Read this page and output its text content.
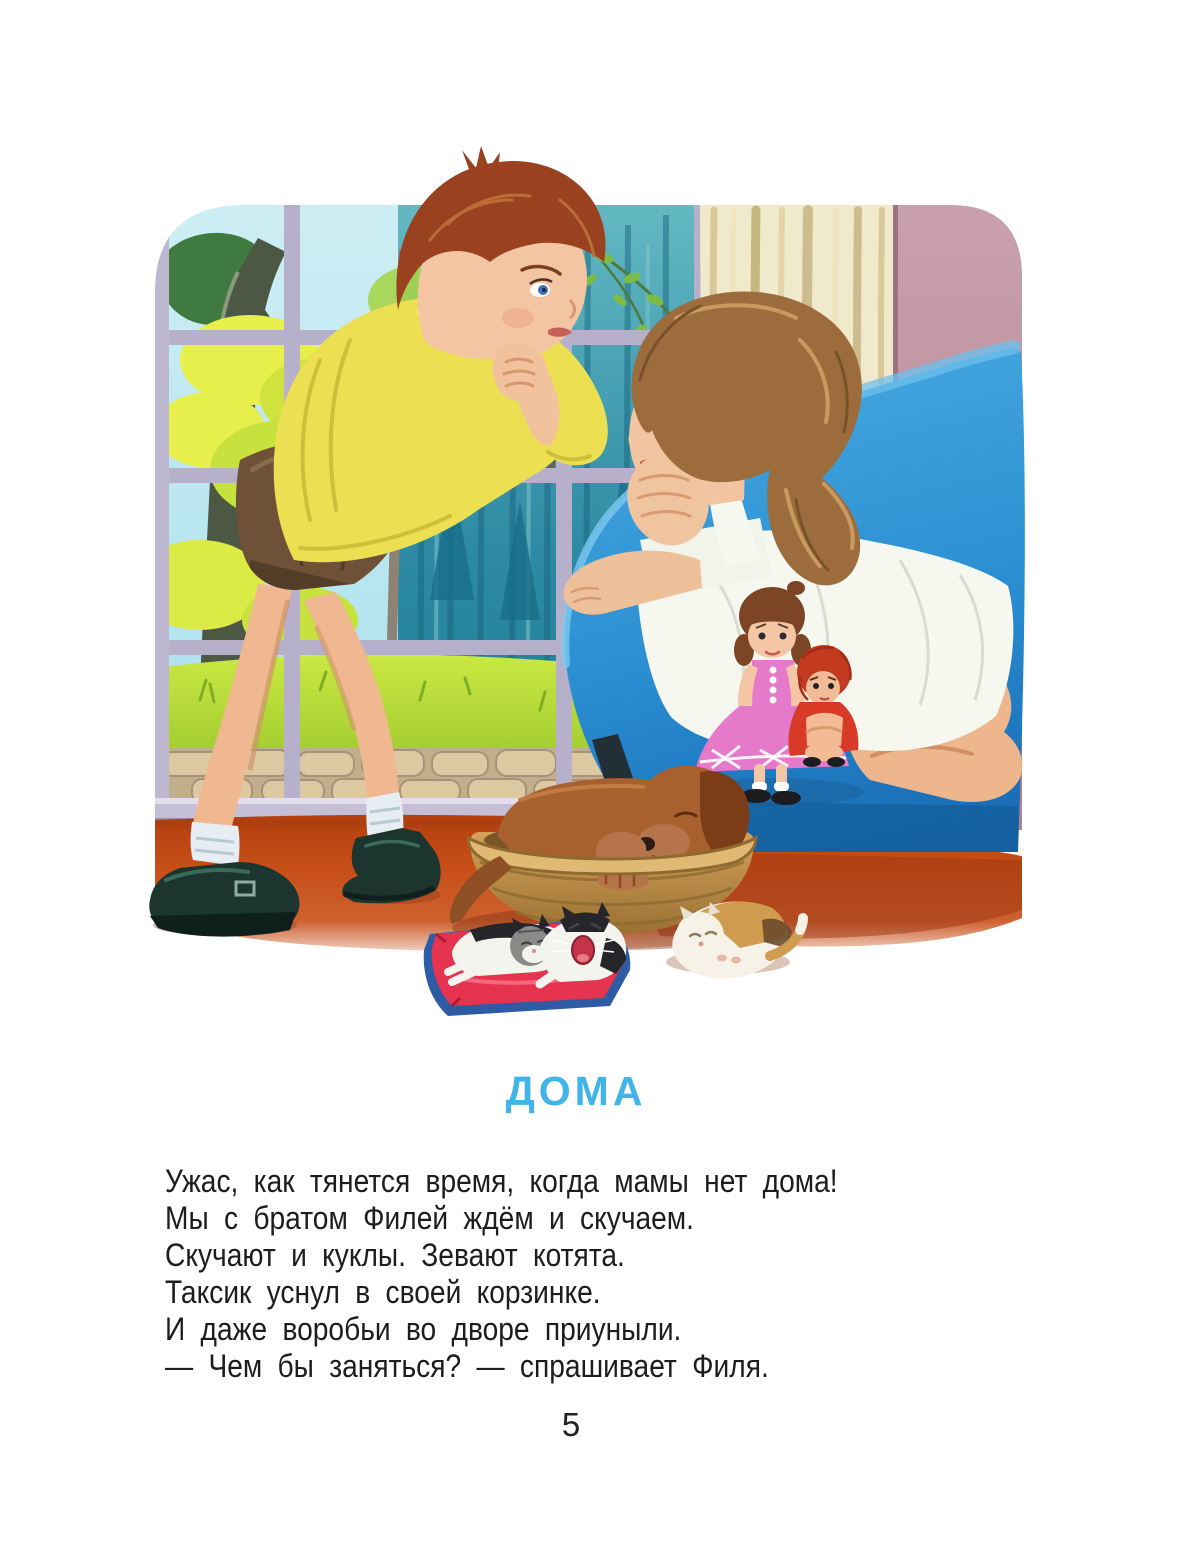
ДОМА

Ужас, как тянется время, когда мамы нет дома!

Мы с братом Филей ждём и скучаем.

Скучают и куклы. Зевают котята.

Таксик уснул в своей корзинке.

И даже воробьи во дворе приуныли.

— Чем бы заняться? — спрашивает Филя.

5
